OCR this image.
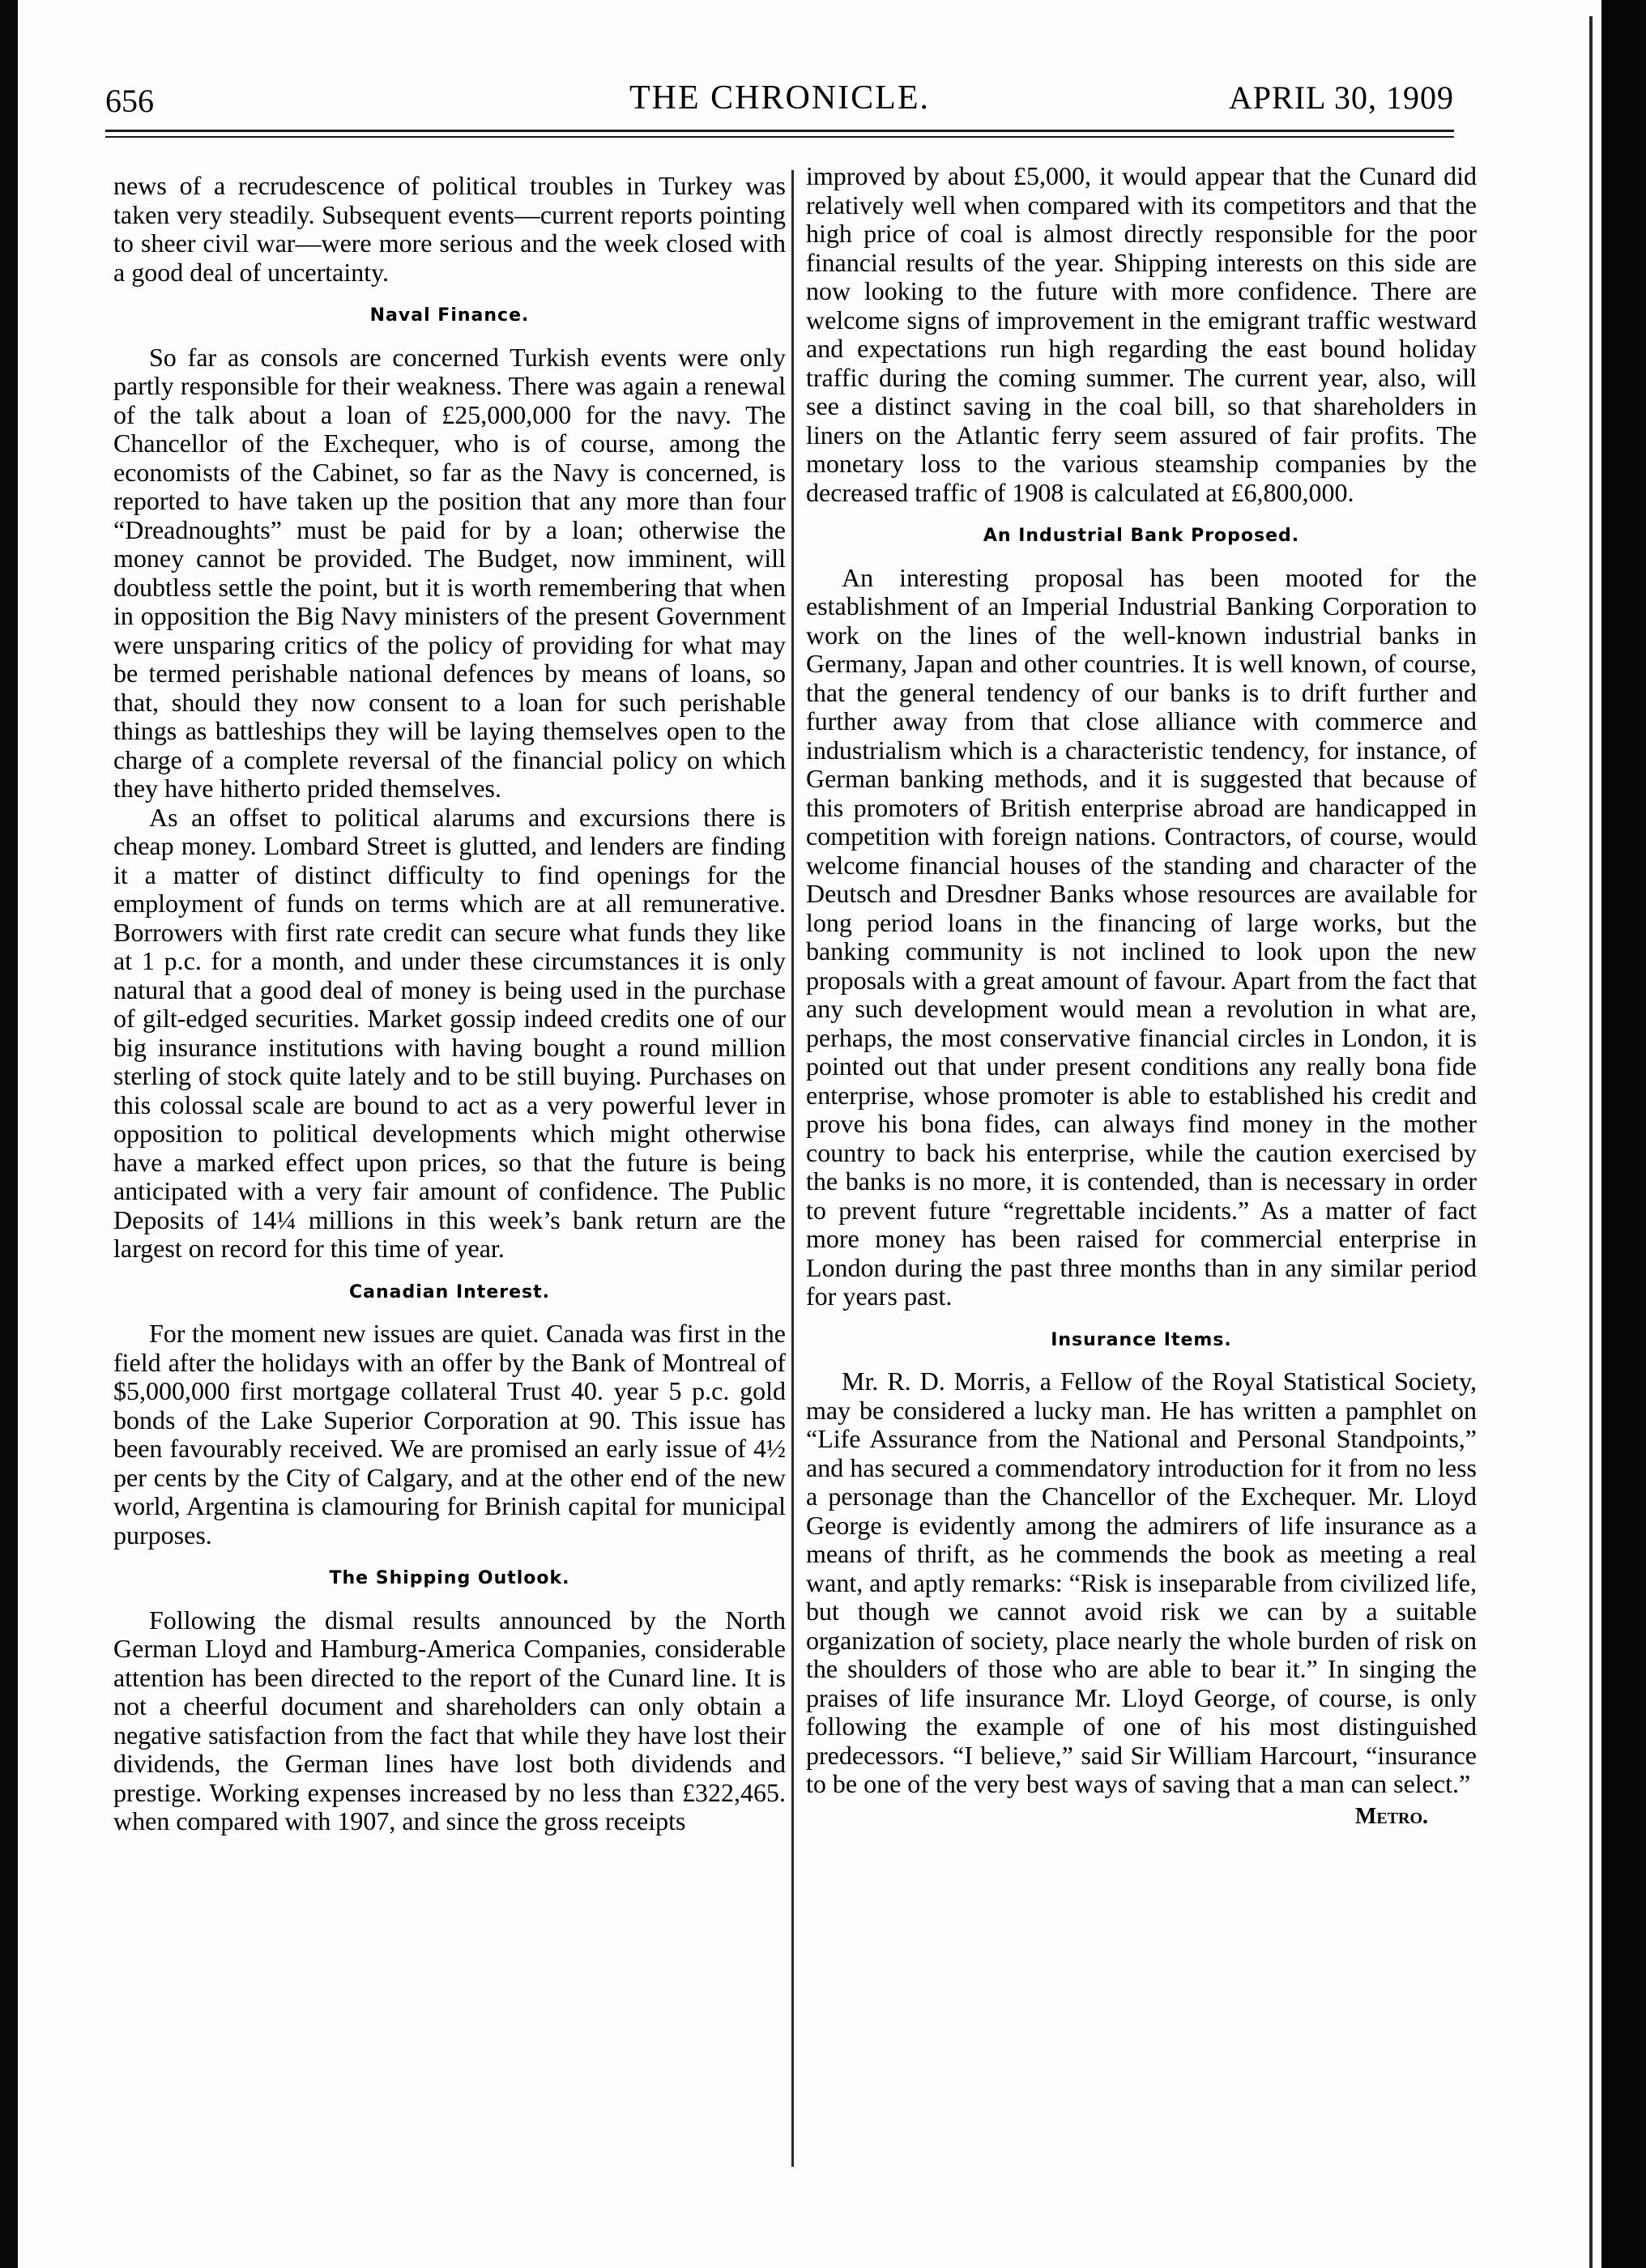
656	THE CHRONICLE.	APRIL 30, 1909

news of a recrudescence of political troubles in Turkey was taken very steadily. Subsequent events—current reports pointing to sheer civil war—were more serious and the week closed with a good deal of uncertainty.

Naval Finance.

So far as consols are concerned Turkish events were only partly responsible for their weakness. There was again a renewal of the talk about a loan of £25,000,000 for the navy. The Chancellor of the Exchequer, who is of course, among the economists of the Cabinet, so far as the Navy is concerned, is reported to have taken up the position that any more than four “Dreadnoughts” must be paid for by a loan; otherwise the money cannot be provided. The Budget, now imminent, will doubtless settle the point, but it is worth remembering that when in opposition the Big Navy ministers of the present Government were unsparing critics of the policy of providing for what may be termed perishable national defences by means of loans, so that, should they now consent to a loan for such perishable things as battleships they will be laying themselves open to the charge of a complete reversal of the financial policy on which they have hitherto prided themselves.

As an offset to political alarums and excursions there is cheap money. Lombard Street is glutted, and lenders are finding it a matter of distinct difficulty to find openings for the employment of funds on terms which are at all remunerative. Borrowers with first rate credit can secure what funds they like at 1 p.c. for a month, and under these circumstances it is only natural that a good deal of money is being used in the purchase of gilt-edged securities. Market gossip indeed credits one of our big insurance institutions with having bought a round million sterling of stock quite lately and to be still buying. Purchases on this colossal scale are bound to act as a very powerful lever in opposition to political developments which might otherwise have a marked effect upon prices, so that the future is being anticipated with a very fair amount of confidence. The Public Deposits of 14¼ millions in this week’s bank return are the largest on record for this time of year.

Canadian Interest.

For the moment new issues are quiet. Canada was first in the field after the holidays with an offer by the Bank of Montreal of $5,000,000 first mortgage collateral Trust 40. year 5 p.c. gold bonds of the Lake Superior Corporation at 90. This issue has been favourably received. We are promised an early issue of 4½ per cents by the City of Calgary, and at the other end of the new world, Argentina is clamouring for Brinish capital for municipal purposes.

The Shipping Outlook.

Following the dismal results announced by the North German Lloyd and Hamburg-America Companies, considerable attention has been directed to the report of the Cunard line. It is not a cheerful document and shareholders can only obtain a negative satisfaction from the fact that while they have lost their dividends, the German lines have lost both dividends and prestige. Working expenses increased by no less than £322,465. when compared with 1907, and since the gross receipts

improved by about £5,000, it would appear that the Cunard did relatively well when compared with its competitors and that the high price of coal is almost directly responsible for the poor financial results of the year. Shipping interests on this side are now looking to the future with more confidence. There are welcome signs of improvement in the emigrant traffic westward and expectations run high regarding the east bound holiday traffic during the coming summer. The current year, also, will see a distinct saving in the coal bill, so that shareholders in liners on the Atlantic ferry seem assured of fair profits. The monetary loss to the various steamship companies by the decreased traffic of 1908 is calculated at £6,800,000.

An Industrial Bank Proposed.

An interesting proposal has been mooted for the establishment of an Imperial Industrial Banking Corporation to work on the lines of the well-known industrial banks in Germany, Japan and other countries. It is well known, of course, that the general tendency of our banks is to drift further and further away from that close alliance with commerce and industrialism which is a characteristic tendency, for instance, of German banking methods, and it is suggested that because of this promoters of British enterprise abroad are handicapped in competition with foreign nations. Contractors, of course, would welcome financial houses of the standing and character of the Deutsch and Dresdner Banks whose resources are available for long period loans in the financing of large works, but the banking community is not inclined to look upon the new proposals with a great amount of favour. Apart from the fact that any such development would mean a revolution in what are, perhaps, the most conservative financial circles in London, it is pointed out that under present conditions any really bona fide enterprise, whose promoter is able to established his credit and prove his bona fides, can always find money in the mother country to back his enterprise, while the caution exercised by the banks is no more, it is contended, than is necessary in order to prevent future “regrettable incidents.” As a matter of fact more money has been raised for commercial enterprise in London during the past three months than in any similar period for years past.

Insurance Items.

Mr. R. D. Morris, a Fellow of the Royal Statistical Society, may be considered a lucky man. He has written a pamphlet on “Life Assurance from the National and Personal Standpoints,” and has secured a commendatory introduction for it from no less a personage than the Chancellor of the Exchequer. Mr. Lloyd George is evidently among the admirers of life insurance as a means of thrift, as he commends the book as meeting a real want, and aptly remarks: “Risk is inseparable from civilized life, but though we cannot avoid risk we can by a suitable organization of society, place nearly the whole burden of risk on the shoulders of those who are able to bear it.” In singing the praises of life insurance Mr. Lloyd George, of course, is only following the example of one of his most distinguished predecessors. “I believe,” said Sir William Harcourt, “insurance to be one of the very best ways of saving that a man can select.”

Metro.
